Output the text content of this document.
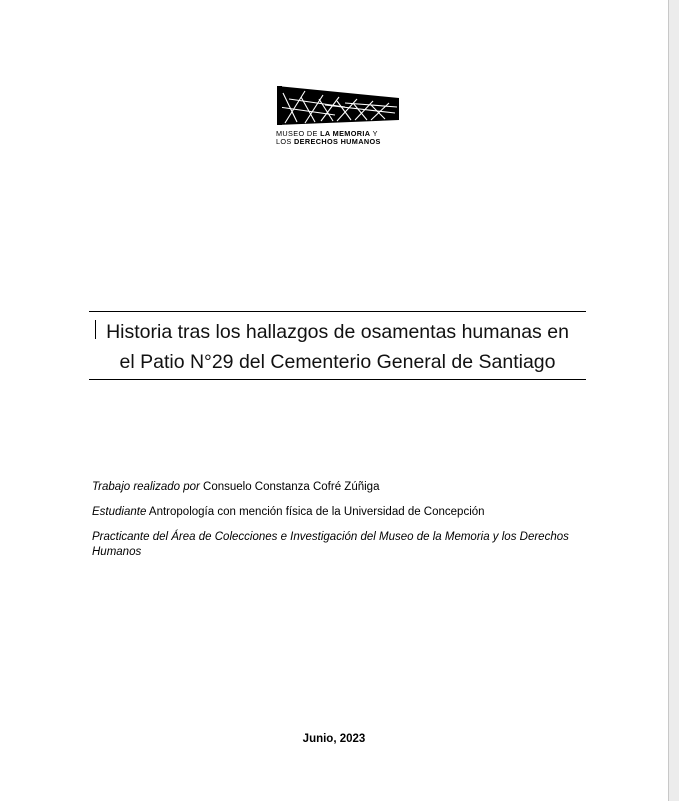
MUSEO DE LA MEMORIA Y
LOS DERECHOS HUMANOS
Historia tras los hallazgos de osamentas humanas en
el Patio N°29 del Cementerio General de Santiago

Trabajo realizado por Consuelo Constanza Cofré Zúñiga

Estudiante Antropología con mención física de la Universidad de Concepción

Practicante del Área de Colecciones e Investigación del Museo de la Memoria y los Derechos Humanos

Junio, 2023
